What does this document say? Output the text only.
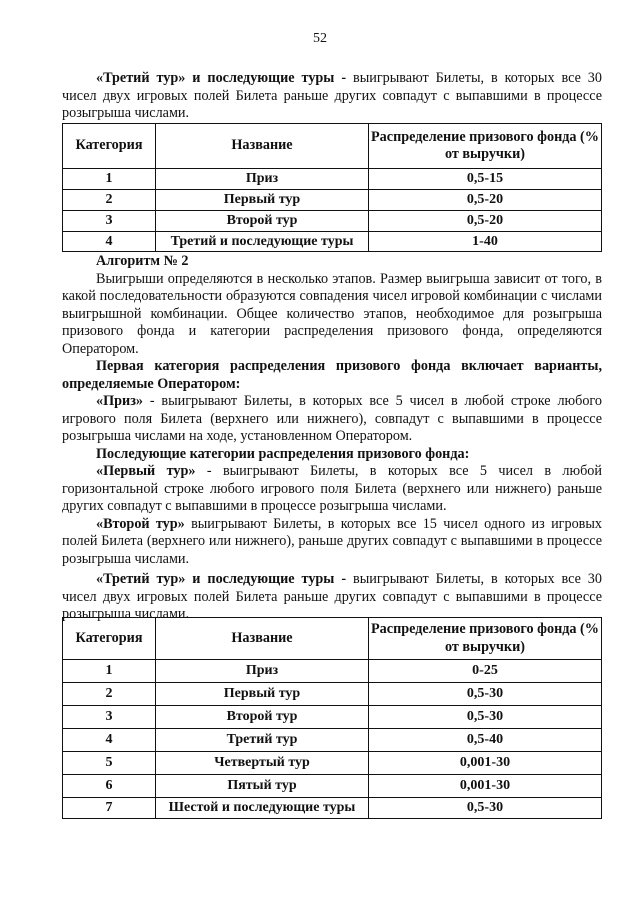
52

«Третий тур» и последующие туры - выигрывают Билеты, в которых все 30 чисел двух игровых полей Билета раньше других совпадут с выпавшими в процессе розыгрыша числами.

Категория	Название	Распределение призового фонда (% от выручки)
1	Приз	0,5-15
2	Первый тур	0,5-20
3	Второй тур	0,5-20
4	Третий и последующие туры	1-40

Алгоритм № 2

Выигрыши определяются в несколько этапов. Размер выигрыша зависит от того, в какой последовательности образуются совпадения чисел игровой комбинации с числами выигрышной комбинации. Общее количество этапов, необходимое для розыгрыша призового фонда и категории распределения призового фонда, определяются Оператором.

Первая категория распределения призового фонда включает варианты, определяемые Оператором:

«Приз» - выигрывают Билеты, в которых все 5 чисел в любой строке любого игрового поля Билета (верхнего или нижнего), совпадут с выпавшими в процессе розыгрыша числами на ходе, установленном Оператором.

Последующие категории распределения призового фонда:

«Первый тур» - выигрывают Билеты, в которых все 5 чисел в любой горизонтальной строке любого игрового поля Билета (верхнего или нижнего) раньше других совпадут с выпавшими в процессе розыгрыша числами.

«Второй тур» выигрывают Билеты, в которых все 15 чисел одного из игровых полей Билета (верхнего или нижнего), раньше других совпадут с выпавшими в процессе розыгрыша числами.

«Третий тур» и последующие туры - выигрывают Билеты, в которых все 30 чисел двух игровых полей Билета раньше других совпадут с выпавшими в процессе розыгрыша числами.

Категория	Название	Распределение призового фонда (% от выручки)
1	Приз	0-25
2	Первый тур	0,5-30
3	Второй тур	0,5-30
4	Третий тур	0,5-40
5	Четвертый тур	0,001-30
6	Пятый тур	0,001-30
7	Шестой и последующие туры	0,5-30
